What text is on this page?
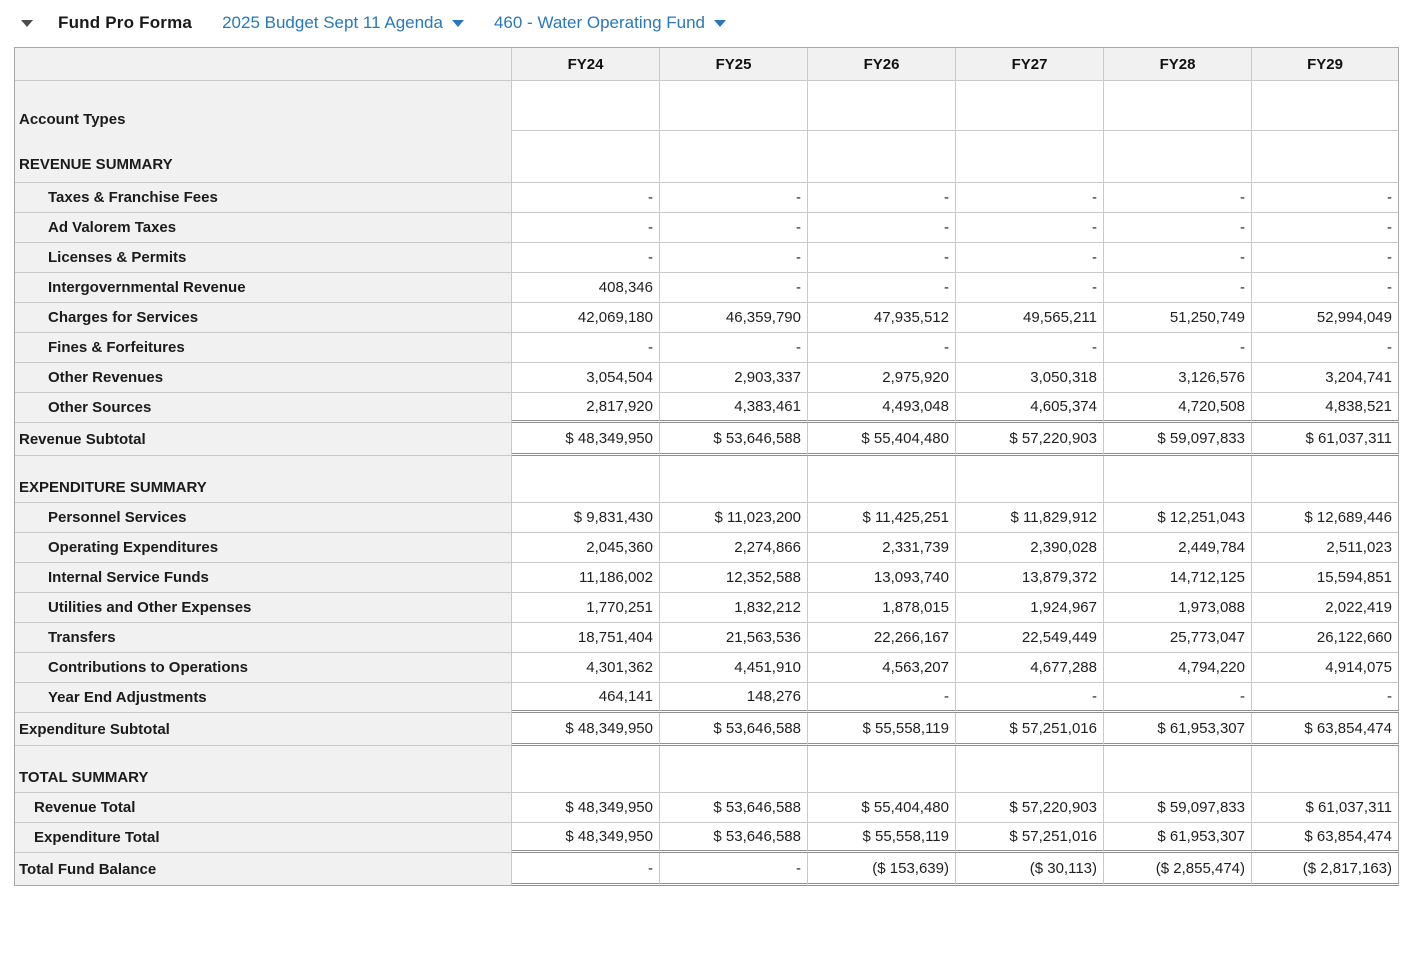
Fund Pro Forma 2025 Budget Sept 11 Agenda	460 - Water Operating Fund
	FY24	FY25	FY26	FY27	FY28	FY29
Account Types						
REVENUE SUMMARY						
Taxes & Franchise Fees	-	-	-	-	-	-
Ad Valorem Taxes	-	-	-	-	-	-
Licenses & Permits	-	-	-	-	-	-
Intergovernmental Revenue	408,346	-	-	-	-	-
Charges for Services	42,069,180	46,359,790	47,935,512	49,565,211	51,250,749	52,994,049
Fines & Forfeitures	-	-	-	-	-	-
Other Revenues	3,054,504	2,903,337	2,975,920	3,050,318	3,126,576	3,204,741
Other Sources	2,817,920	4,383,461	4,493,048	4,605,374	4,720,508	4,838,521
Revenue Subtotal	$ 48,349,950	$ 53,646,588	$ 55,404,480	$ 57,220,903	$ 59,097,833	$ 61,037,311
EXPENDITURE SUMMARY						
Personnel Services	$ 9,831,430	$ 11,023,200	$ 11,425,251	$ 11,829,912	$ 12,251,043	$ 12,689,446
Operating Expenditures	2,045,360	2,274,866	2,331,739	2,390,028	2,449,784	2,511,023
Internal Service Funds	11,186,002	12,352,588	13,093,740	13,879,372	14,712,125	15,594,851
Utilities and Other Expenses	1,770,251	1,832,212	1,878,015	1,924,967	1,973,088	2,022,419
Transfers	18,751,404	21,563,536	22,266,167	22,549,449	25,773,047	26,122,660
Contributions to Operations	4,301,362	4,451,910	4,563,207	4,677,288	4,794,220	4,914,075
Year End Adjustments	464,141	148,276	-	-	-	-
Expenditure Subtotal	$ 48,349,950	$ 53,646,588	$ 55,558,119	$ 57,251,016	$ 61,953,307	$ 63,854,474
TOTAL SUMMARY						
Revenue Total	$ 48,349,950	$ 53,646,588	$ 55,404,480	$ 57,220,903	$ 59,097,833	$ 61,037,311
Expenditure Total	$ 48,349,950	$ 53,646,588	$ 55,558,119	$ 57,251,016	$ 61,953,307	$ 63,854,474
Total Fund Balance	-	-	($ 153,639)	($ 30,113)	($ 2,855,474)	($ 2,817,163)
